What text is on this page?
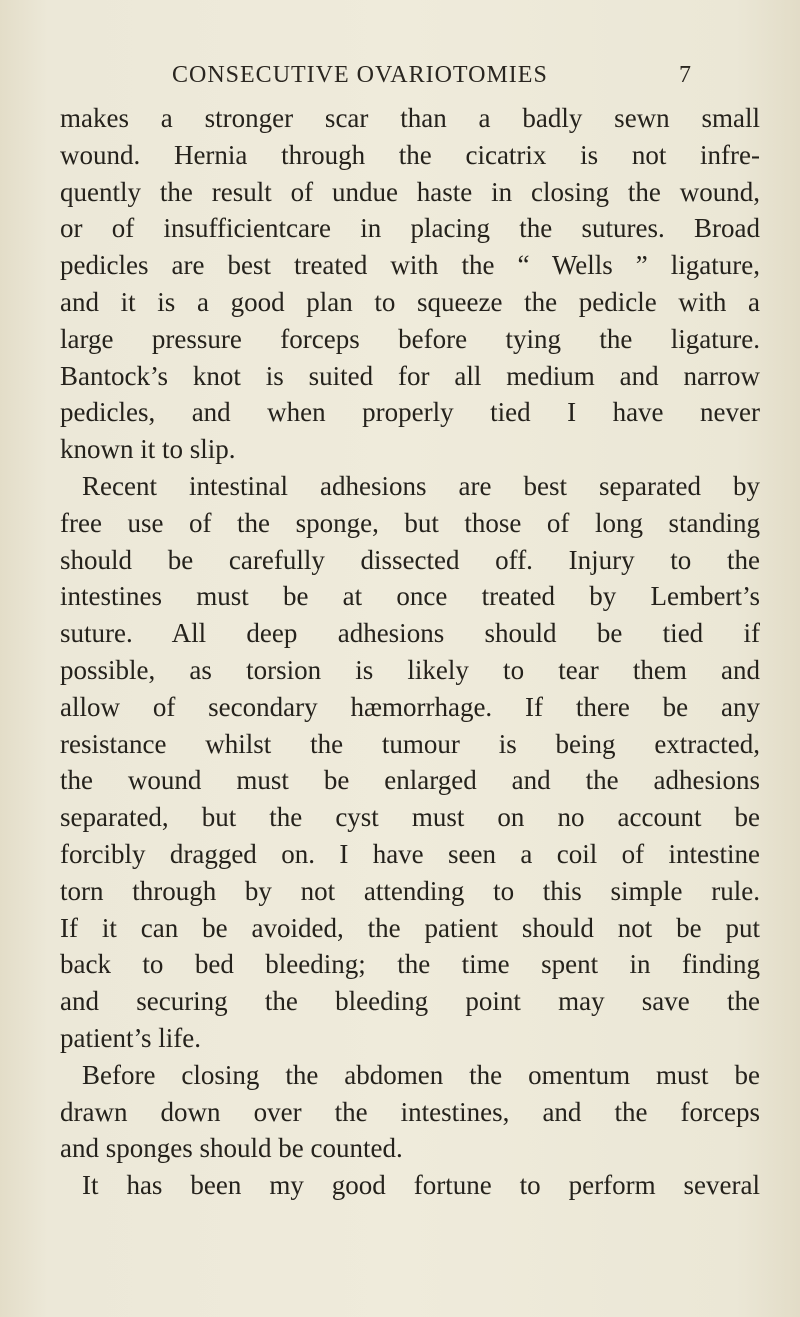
CONSECUTIVE OVARIOTOMIES	7
makes a stronger scar than a badly sewn small
wound. Hernia through the cicatrix is not infre-
quently the result of undue haste in closing the wound,
or of insufficientcare in placing the sutures. Broad
pedicles are best treated with the “ Wells ” ligature,
and it is a good plan to squeeze the pedicle with a
large pressure forceps before tying the ligature.
Bantock’s knot is suited for all medium and narrow
pedicles, and when properly tied I have never
known it to slip.
Recent intestinal adhesions are best separated by
free use of the sponge, but those of long standing
should be carefully dissected off. Injury to the
intestines must be at once treated by Lembert’s
suture. All deep adhesions should be tied if
possible, as torsion is likely to tear them and
allow of secondary hæmorrhage. If there be any
resistance whilst the tumour is being extracted,
the wound must be enlarged and the adhesions
separated, but the cyst must on no account be
forcibly dragged on. I have seen a coil of intestine
torn through by not attending to this simple rule.
If it can be avoided, the patient should not be put
back to bed bleeding; the time spent in finding
and securing the bleeding point may save the
patient’s life.
Before closing the abdomen the omentum must be
drawn down over the intestines, and the forceps
and sponges should be counted.
It has been my good fortune to perform several
